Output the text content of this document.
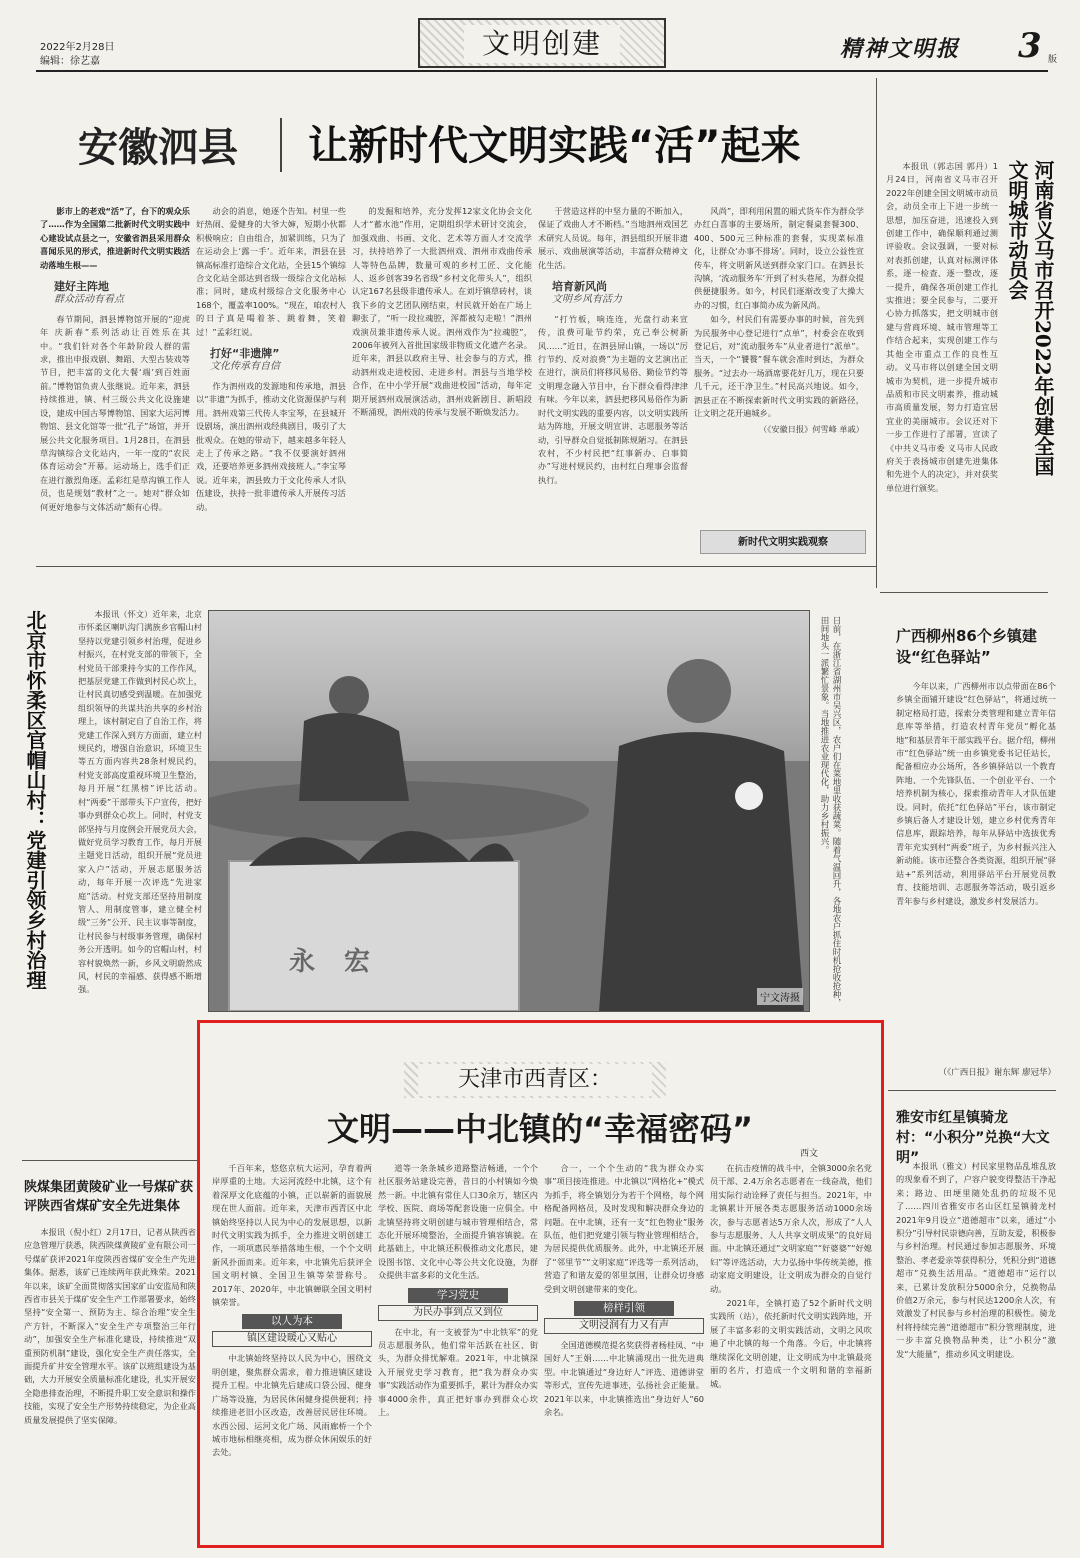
2022年2月28日
编辑：徐艺嘉
文明创建	精神文明报 3 版
安徽泗县 让新时代文明实践“活”起来

影市上的老戏“活”了，台下的观众乐了……作为全国第二批新时代文明实践中心建设试点县之一，安徽省泗县采用群众喜闻乐见的形式，推进新时代文明实践活动落地生根——

建好主阵地
群众活动有看点

春节期间，泗县博物馆开展的“迎虎年 庆新春”系列活动让百姓乐在其中。“我们针对各个年龄阶段人群的需求，推出申报戏剧、舞蹈、大型古装戏等节目，把丰富的文化大餐‘端’到百姓面前。”博物馆负责人张继说。近年来，泗县持续推进，镇、村三级公共文化设施建设，建成中国古琴博物馆、国家大运河博物馆、县文化馆等一批“孔子”场馆，并开展公共文化服务项目。1月28日，在泗县草沟镇综合文化站内，一年一度的“农民体育运动会”开幕。运动场上，选手们正在进行激烈角逐。孟彩红是草沟镇工作人员，也是规划“教材”之一。她对“群众如何更好地参与文体活动”颇有心得。

动会的消息，她逐个告知。村里一些好热闹、爱健身的大爷大婶，短期小伙都积极响应；自由组合，加紧训练，只为了在运动会上‘露一手’。近年来，泗县在县镇高标准打造综合文化站，全县15个镇综合文化站全部达到省级一级综合文化站标准；同时，建成村级综合文化服务中心168个，覆盖率100%。“现在，咱农村人的日子真是喝着茶、跳着舞，笑着过！”孟彩红说。

打好“非遗牌”
文化传承有自信

作为泗州戏的发源地和传承地，泗县以“非遗”为抓手，推动文化资源保护与利用。泗州戏第三代传人李宝琴，在县城开设剧场，演出泗州戏经典剧目，吸引了大批观众。在她的带动下，越来越多年轻人走上了传承之路。“我不仅要演好泗州戏，还要培养更多泗州戏接班人。”李宝琴说。近年来，泗县致力于文化传承人才队伍建设，扶持一批非遗传承人开展传习活动。

的发掘和培养，充分发挥12家文化协会文化人才“蓄水池”作用，定期组织学术研讨交流会，加强戏曲、书画、文化、艺术等方面人才交流学习，扶持培养了一大批泗州戏、泗州市戏曲传承人等特色品牌，数量可观的乡村工匠、文化能人、返乡创客39名省级“乡村文化带头人”，组织认定167名县级非遗传承人。在刘圩镇草砖村，谈我下乡的文艺团队刚结束，村民就开始在广场上聊张了，“听一段拉魂腔，浑都被勾走啦！”泗州戏演员兼非遗传承人说。泗州戏作为“拉魂腔”，2006年被列入首批国家级非物质文化遗产名录。近年来，泗县以政府主导、社会参与的方式，推动泗州戏走进校园、走进乡村。泗县与当地学校合作，在中小学开展“戏曲进校园”活动，每年定期开展泗州戏展演活动，泗州戏新剧目、新唱段不断涌现，泗州戏的传承与发展不断焕发活力。

于营造这样的中坚力量的不断加入，保证了戏曲人才不断档。”当地泗州戏国艺术研究人员说。每年，泗县组织开展非遗展示、戏曲展演等活动，丰富群众精神文化生活。

培育新风尚
文明乡风有活力

“打竹板，响连连，光盘行动来宣传，浪费可耻节约荣，克己奉公树新风……”近日，在泗县屏山镇，一场以“厉行节约、反对浪费”为主题的文艺演出正在进行，演员们将移风易俗、勤俭节约等文明理念融入节目中，台下群众看得津津有味。今年以来，泗县把移风易俗作为新时代文明实践的重要内容，以文明实践所站为阵地，开展文明宣讲、志愿服务等活动，引导群众自觉抵制陈规陋习。在泗县农村，不少村民把“红事新办、白事简办”写进村规民约，由村红白理事会监督执行。

风尚”，即利用闲置的厢式货车作为群众学办红白喜事的主要场所，制定餐桌套餐300、400、500元三种标准的套餐，实现菜标准化，让群众‘办事不排场’。同时，设立公益性宣传车，将文明新风送到群众家门口。在泗县长沟镇，‘流动服务车’开到了村头巷尾，为群众提供便捷服务。如今，村民们逐渐改变了大操大办的习惯，红白事简办成为新风尚。

如今，村民们有需要办事的时候，首先到为民服务中心登记进行“点单”，村委会在收到登记后，对“流动服务车”从业者进行“派单”。当天，一个“饕餮”餐车就会准时到达，为群众服务。“过去办一场酒席要花好几万，现在只要几千元，还干净卫生。”村民高兴地说。如今，泗县正在不断探索新时代文明实践的新路径，让文明之花开遍城乡。

（《安徽日报》何雪峰 单戚）
新时代文明实践观察
河南省义马市召开2022年创建全国文明城市动员会

本报讯（郭志国 郭丹）1月24日，河南省义马市召开2022年创建全国文明城市动员会，动员全市上下进一步统一思想，加压奋进，迅速投入到创建工作中，确保顺利通过测评验收。会议强调，一要对标对表抓创建，认真对标测评体系，逐一检查、逐一整改，逐一提升，确保各项创建工作扎实推进；要全民参与，二要开心协力抓落实，把文明城市创建与营商环境、城市管理等工作结合起来，实现创建工作与其他全市重点工作的良性互动。义马市将以创建全国文明城市为契机，进一步提升城市品质和市民文明素养，推动城市高质量发展，努力打造宜居宜业的美丽城市。会议还对下一步工作进行了部署，宣读了《中共义马市委 义马市人民政府关于表扬城市创建先进集体和先进个人的决定》，并对获奖单位进行颁奖。

北京市怀柔区官帽山村：党建引领乡村治理	本报讯（怀文）近年来，北京市怀柔区喇叭沟门满族乡官帽山村坚持以党建引领乡村治理，促进乡村振兴，在村党支部的带领下，全村党员干部秉持今实的工作作风，把基层党建工作做到村民心坎上，让村民真切感受到温暖。在加强党组织领导的共谋共治共享的乡村治理上，该村制定自了自治工作，将党建工作深入到方方面面，建立村规民约，增强自治意识，环境卫生等五方面内容共28条村规民约，村党支部高度重视环境卫生整治，每月开展“红黑榜”评比活动。村“两委”干部带头下户宣传，把好事办到群众心坎上。同时，村党支部坚持与月度例会开展党员大会，做好党员学习教育工作，每月开展主题党日活动，组织开展“党员进家入户”活动，开展志愿服务活动，每年开展一次评选“先进家庭”活动。村党支部还坚持用制度管人、用制度管事，建立健全村级“三务”公开、民主议事等制度，让村民参与村级事务管理，确保村务公开透明。如今的官帽山村，村容村貌焕然一新，乡风文明蔚然成风，村民的幸福感、获得感不断增强。

陕煤集团黄陵矿业一号煤矿获评陕西省煤矿安全先进集体

本报讯（倪小红）2月17日，记者从陕西省应急管理厅获悉，陕西陕煤黄陵矿业有限公司一号煤矿获评2021年度陕西省煤矿安全生产先进集体。据悉，该矿已连续两年获此殊荣。2021年以来，该矿全面贯彻落实国家矿山安监局和陕西省市县关于煤矿安全生产工作部署要求，始终坚持“安全第一、预防为主、综合治理”安全生产方针，不断深入“安全生产专项整治三年行动”，加强安全生产标准化建设，持续推进“双重预防机制”建设，强化安全生产责任落实，全面提升矿井安全管理水平。该矿以班组建设为基础，大力开展安全质量标准化建设，扎实开展安全隐患排查治理，不断提升职工安全意识和操作技能，实现了安全生产形势持续稳定，为企业高质量发展提供了坚实保障。

永 宏
宁文涛摄	日前，在浙江省湖州市吴兴区，农户们在菜地里收获蔬菜。随着气温回升，各地农户抓住时机抢收抢种，田间地头一派繁忙景象。当地推进农业现代化，助力乡村振兴。	广西柳州86个乡镇建设“红色驿站”

今年以来，广西柳州市以点带面在86个乡镇全面铺开建设“红色驿站”，将通过统一制定格局打造，探索分类管理和建立青年信息库等举措，打造农村青年党员“孵化基地”和基层青年干部实践平台。据介绍，柳州市“红色驿站”统一由乡镇党委书记任站长，配备相应办公场所，各乡镇驿站以一个教育阵地、一个先锋队伍、一个创业平台、一个培养机制为核心，探索推动青年人才队伍建设。同时，依托“红色驿站”平台，该市制定乡镇后备人才建设计划，建立乡村优秀青年信息库，跟踪培养，每年从驿站中选拔优秀青年充实到村“两委”班子，为乡村振兴注入新动能。该市还整合各类资源，组织开展“驿站+”系列活动，利用驿站平台开展党员教育、技能培训、志愿服务等活动，吸引返乡青年参与乡村建设，激发乡村发展活力。

（《广西日报》谢东辉 廖冠华）
雅安市红星镇骑龙村：“小积分”兑换“大文明”

本报讯（雅文）村民家里物品乱堆乱放的现象看不到了，户容户貌变得整洁干净起来；路边、田埂里随处乱扔的垃圾不见了……四川省雅安市名山区红星镇骑龙村2021年9月设立“道德超市”以来，通过“小积分”引导村民崇德向善，互助友爱，积极参与乡村治理。村民通过参加志愿服务、环境整治、孝老爱亲等获得积分，凭积分到“道德超市”兑换生活用品。“道德超市”运行以来，已累计发放积分5000余分，兑换物品价值2万余元，参与村民达1200余人次，有效激发了村民参与乡村治理的积极性。骑龙村将持续完善“道德超市”积分管理制度，进一步丰富兑换物品种类，让“小积分”激发“大能量”，推动乡风文明建设。

天津市西青区：
文明——中北镇的“幸福密码”
西文

千百年来，悠悠京杭大运河，孕育着两岸厚重的土地。大运河流经中北镇，这个有着深厚文化底蕴的小镇，正以崭新的面貌展现在世人面前。近年来，天津市西青区中北镇始终坚持以人民为中心的发展思想，以新时代文明实践为抓手，全力推进文明创建工作，一项项惠民举措落地生根，一个个文明新风扑面而来。近年来，中北镇先后获评全国文明村镇、全国卫生镇等荣誉称号。2017年、2020年，中北镇蝉联全国文明村镇荣誉。

以人为本
镇区建设暖心又贴心

中北镇始终坚持以人民为中心，围绕文明创建，聚焦群众需求，着力推进镇区建设提升工程。中北镇先后建成口袋公园、健身广场等设施，为居民休闲健身提供便利；持续推进老旧小区改造，改善居民居住环境。水西公园、运河文化广场、风雨廊桥一个个城市地标相继亮相，成为群众休闲娱乐的好去处。

道等一条条城乡道路整洁畅通，一个个社区服务站建设完善，昔日的小村镇如今焕然一新。中北镇有常住人口30余万，辖区内学校、医院、商场等配套设施一应俱全。中北镇坚持将文明创建与城市管理相结合，常态化开展环境整治，全面提升镇容镇貌。在此基础上，中北镇还积极推动文化惠民，建设图书馆、文化中心等公共文化设施，为群众提供丰富多彩的文化生活。

学习党史
为民办事到点又到位

在中北，有一支被誉为“中北铁军”的党员志愿服务队，他们常年活跃在社区、街头，为群众排忧解难。2021年，中北镇深入开展党史学习教育，把“我为群众办实事”实践活动作为重要抓手，累计为群众办实事4000余件，真正把好事办到群众心坎上。

合一，一个个生动的“我为群众办实事”项目接连推进。中北镇以“网格化+”模式为抓手，将全镇划分为若干个网格，每个网格配备网格员，及时发现和解决群众身边的问题。在中北镇，还有一支“红色物业”服务队伍，他们把党建引领与物业管理相结合，为居民提供优质服务。此外，中北镇还开展了“邻里节”“文明家庭”评选等一系列活动，营造了和谐友爱的邻里氛围，让群众切身感受到文明创建带来的变化。

榜样引领
文明浸润有力又有声

全国道德模范提名奖获得者杨桂凤、“中国好人”王娟……中北镇涌现出一批先进典型。中北镇通过“身边好人”评选、道德讲堂等形式，宣传先进事迹，弘扬社会正能量。2021年以来，中北镇推选出“身边好人”60余名。

在抗击疫情的战斗中，全镇3000余名党员干部、2.4万余名志愿者在一线奋战，他们用实际行动诠释了责任与担当。2021年，中北镇累计开展各类志愿服务活动1000余场次，参与志愿者达5万余人次，形成了“人人参与志愿服务、人人共享文明成果”的良好局面。中北镇还通过“文明家庭”“好婆婆”“好媳妇”等评选活动，大力弘扬中华传统美德，推动家庭文明建设，让文明成为群众的自觉行动。

2021年，全镇打造了52个新时代文明实践所（站），依托新时代文明实践阵地，开展了丰富多彩的文明实践活动，文明之风吹遍了中北镇的每一个角落。今后，中北镇将继续深化文明创建，让文明成为中北镇最亮丽的名片，打造成一个文明和谐的幸福新城。
